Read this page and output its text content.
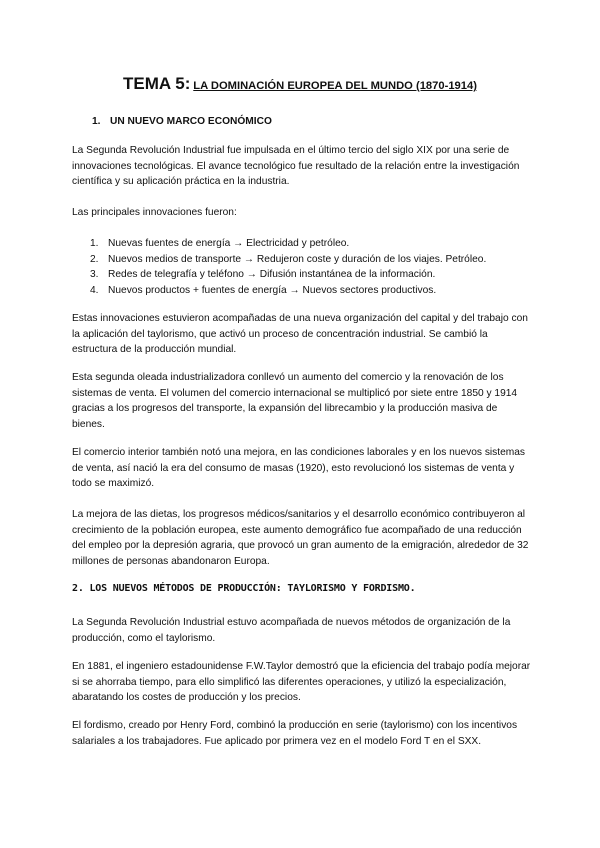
TEMA 5: LA DOMINACIÓN EUROPEA DEL MUNDO (1870-1914)
1. UN NUEVO MARCO ECONÓMICO

La Segunda Revolución Industrial fue impulsada en el último tercio del siglo XIX por una serie de innovaciones tecnológicas. El avance tecnológico fue resultado de la relación entre la investigación científica y su aplicación práctica en la industria.

Las principales innovaciones fueron:

1. Nuevas fuentes de energía → Electricidad y petróleo.
2. Nuevos medios de transporte → Redujeron coste y duración de los viajes. Petróleo.
3. Redes de telegrafía y teléfono → Difusión instantánea de la información.
4. Nuevos productos + fuentes de energía → Nuevos sectores productivos.

Estas innovaciones estuvieron acompañadas de una nueva organización del capital y del trabajo con la aplicación del taylorismo, que activó un proceso de concentración industrial. Se cambió la estructura de la producción mundial.

Esta segunda oleada industrializadora conllevó un aumento del comercio y la renovación de los sistemas de venta. El volumen del comercio internacional se multiplicó por siete entre 1850 y 1914 gracias a los progresos del transporte, la expansión del librecambio y la producción masiva de bienes.

El comercio interior también notó una mejora, en las condiciones laborales y en los nuevos sistemas de venta, así nació la era del consumo de masas (1920), esto revolucionó los sistemas de venta y todo se maximizó.

La mejora de las dietas, los progresos médicos/sanitarios y el desarrollo económico contribuyeron al crecimiento de la población europea, este aumento demográfico fue acompañado de una reducción del empleo por la depresión agraria, que provocó un gran aumento de la emigración, alrededor de 32 millones de personas abandonaron Europa.

2. LOS NUEVOS MÉTODOS DE PRODUCCIÓN: TAYLORISMO Y FORDISMO.

La Segunda Revolución Industrial estuvo acompañada de nuevos métodos de organización de la producción, como el taylorismo.

En 1881, el ingeniero estadounidense F.W.Taylor demostró que la eficiencia del trabajo podía mejorar si se ahorraba tiempo, para ello simplificó las diferentes operaciones, y utilizó la especialización, abaratando los costes de producción y los precios.

El fordismo, creado por Henry Ford, combinó la producción en serie (taylorismo) con los incentivos salariales a los trabajadores. Fue aplicado por primera vez en el modelo Ford T en el SXX.
